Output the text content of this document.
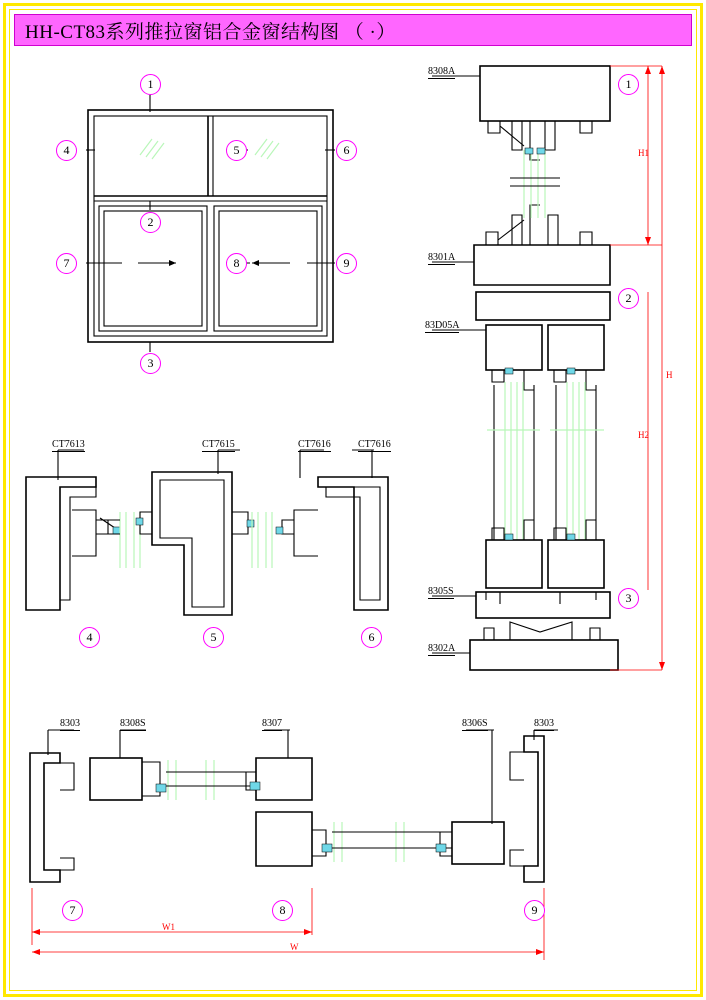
HH-CT83系列推拉窗铝合金窗结构图 （ ·）
1
4	5	6
2
7	8	9
3
8308A
8301A
83D05A
8305S
8302A
H1
H2
H
1
2
3
CT7613	CT7615	CT7616	CT7616
4	5	6
8303	8308S	8307	8306S	8303
W1
W
7	8	9
